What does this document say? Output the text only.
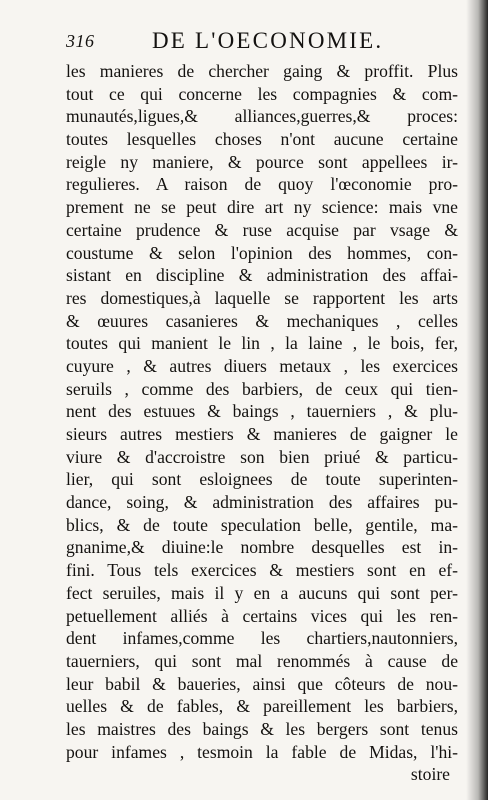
316	DE L'OECONOMIE.
les manieres de chercher gaing & proffit. Plus
tout ce qui concerne les compagnies & com-
munautés,ligues,& alliances,guerres,& proces:
toutes lesquelles choses n'ont aucune certaine
reigle ny maniere, & pource sont appellees ir-
regulieres. A raison de quoy l'œconomie pro-
prement ne se peut dire art ny science: mais vne
certaine prudence & ruse acquise par vsage &
coustume & selon l'opinion des hommes, con-
sistant en discipline & administration des affai-
res domestiques,à laquelle se rapportent les arts
& œuures casanieres & mechaniques , celles
toutes qui manient le lin , la laine , le bois, fer,
cuyure , & autres diuers metaux , les exercices
seruils , comme des barbiers, de ceux qui tien-
nent des estuues & baings , tauerniers , & plu-
sieurs autres mestiers & manieres de gaigner le
viure & d'accroistre son bien priué & particu-
lier, qui sont esloignees de toute superinten-
dance, soing, & administration des affaires pu-
blics, & de toute speculation belle, gentile, ma-
gnanime,& diuine:le nombre desquelles est in-
fini. Tous tels exercices & mestiers sont en ef-
fect seruiles, mais il y en a aucuns qui sont per-
petuellement alliés à certains vices qui les ren-
dent infames,comme les chartiers,nautonniers,
tauerniers, qui sont mal renommés à cause de
leur babil & baueries, ainsi que côteurs de nou-
uelles & de fables, & pareillement les barbiers,
les maistres des baings & les bergers sont tenus
pour infames , tesmoin la fable de Midas, l'hi-
stoire
